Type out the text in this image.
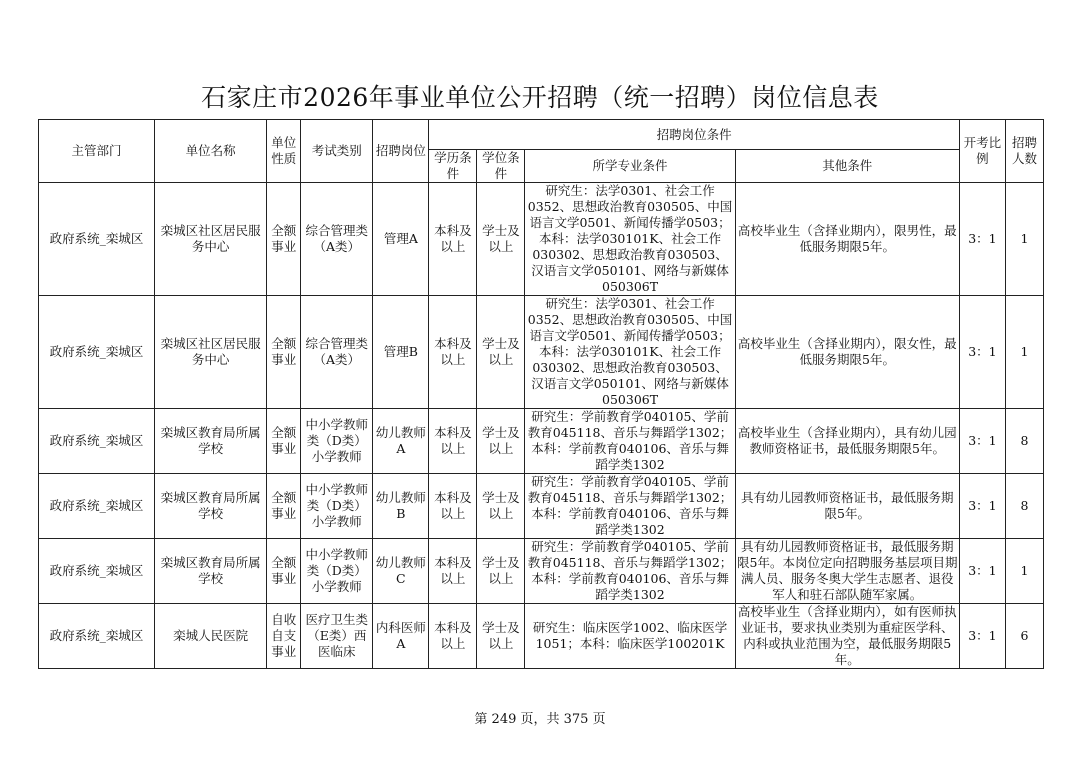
石家庄市2026年事业单位公开招聘（统一招聘）岗位信息表
主管部门	单位名称	单位性质	考试类别	招聘岗位	招聘岗位条件				开考比例	招聘人数
					学历条件	学位条件	所学专业条件	其他条件		
政府系统_栾城区	栾城区社区居民服务中心	全额事业	综合管理类（A类）	管理A	本科及以上	学士及以上	研究生：法学0301、社会工作0352、思想政治教育030505、中国语言文学0501、新闻传播学0503；本科：法学030101K、社会工作030302、思想政治教育030503、汉语言文学050101、网络与新媒体050306T	高校毕业生（含择业期内），限男性，最低服务期限5年。	3：1	1
政府系统_栾城区	栾城区社区居民服务中心	全额事业	综合管理类（A类）	管理B	本科及以上	学士及以上	研究生：法学0301、社会工作0352、思想政治教育030505、中国语言文学0501、新闻传播学0503；本科：法学030101K、社会工作030302、思想政治教育030503、汉语言文学050101、网络与新媒体050306T	高校毕业生（含择业期内），限女性，最低服务期限5年。	3：1	1
政府系统_栾城区	栾城区教育局所属学校	全额事业	中小学教师类（D类）小学教师	幼儿教师A	本科及以上	学士及以上	研究生：学前教育学040105、学前教育045118、音乐与舞蹈学1302；本科：学前教育040106、音乐与舞蹈学类1302	高校毕业生（含择业期内），具有幼儿园教师资格证书，最低服务期限5年。	3：1	8
政府系统_栾城区	栾城区教育局所属学校	全额事业	中小学教师类（D类）小学教师	幼儿教师B	本科及以上	学士及以上	研究生：学前教育学040105、学前教育045118、音乐与舞蹈学1302；本科：学前教育040106、音乐与舞蹈学类1302	具有幼儿园教师资格证书，最低服务期限5年。	3：1	8
政府系统_栾城区	栾城区教育局所属学校	全额事业	中小学教师类（D类）小学教师	幼儿教师C	本科及以上	学士及以上	研究生：学前教育学040105、学前教育045118、音乐与舞蹈学1302；本科：学前教育040106、音乐与舞蹈学类1302	具有幼儿园教师资格证书，最低服务期限5年。本岗位定向招聘服务基层项目期满人员、服务冬奥大学生志愿者、退役军人和驻石部队随军家属。	3：1	1
政府系统_栾城区	栾城人民医院	自收自支事业	医疗卫生类（E类）西医临床	内科医师A	本科及以上	学士及以上	研究生：临床医学1002、临床医学1051；本科：临床医学100201K	高校毕业生（含择业期内），如有医师执业证书，要求执业类别为重症医学科、内科或执业范围为空，最低服务期限5年。	3：1	6
第 249 页，共 375 页
